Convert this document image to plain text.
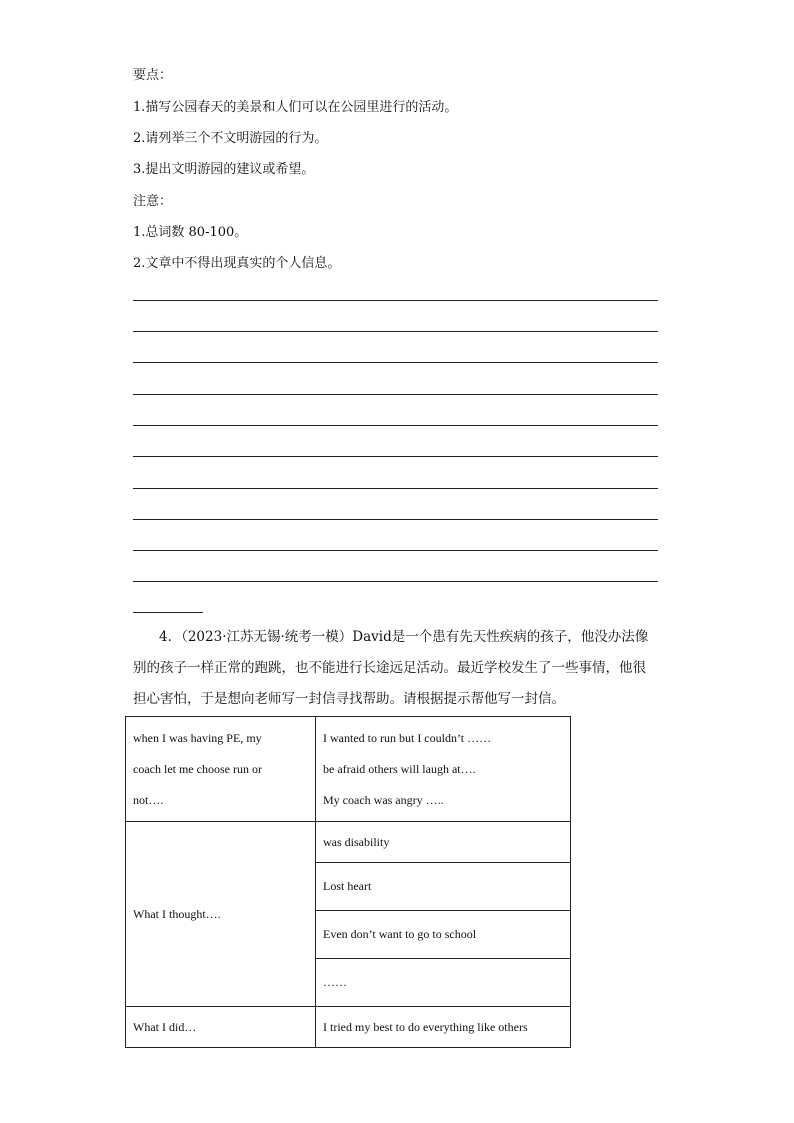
要点：
1.描写公园春天的美景和人们可以在公园里进行的活动。
2.请列举三个不文明游园的行为。
3.提出文明游园的建议或希望。
注意：
1.总词数 80-100。
2.文章中不得出现真实的个人信息。
4．（2023·江苏无锡·统考一模）David是一个患有先天性疾病的孩子，他没办法像别的孩子一样正常的跑跳，也不能进行长途远足活动。最近学校发生了一些事情，他很担心害怕，于是想向老师写一封信寻找帮助。请根据提示帮他写一封信。
when I was having PE, my
coach let me choose run or
not….	I wanted to run but I couldn’t ……
be afraid others will laugh at….
My coach was angry …..

What I thought….	was disability
	Lost heart
	Even don’t want to go to school
	……
What I did…	I tried my best to do everything like others
